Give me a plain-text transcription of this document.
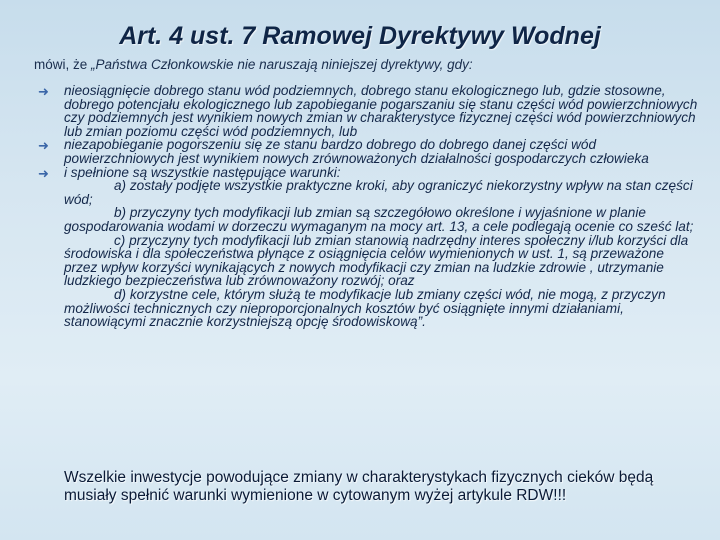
Art. 4 ust. 7 Ramowej Dyrektywy Wodnej
mówi, że „Państwa Członkowskie nie naruszają niniejszej dyrektywy, gdy:
➜ nieosiągnięcie dobrego stanu wód podziemnych, dobrego stanu ekologicznego lub, gdzie stosowne, dobrego potencjału ekologicznego lub zapobieganie pogarszaniu się stanu części wód powierzchniowych czy podziemnych jest wynikiem nowych zmian w charakterystyce fizycznej części wód powierzchniowych lub zmian poziomu części wód podziemnych, lub
➜ niezapobieganie pogorszeniu się ze stanu bardzo dobrego do dobrego danej części wód powierzchniowych jest wynikiem nowych zrównoważonych działalności gospodarczych człowieka
➜ i spełnione są wszystkie następujące warunki:
a) zostały podjęte wszystkie praktyczne kroki, aby ograniczyć niekorzystny wpływ na stan części wód;
b) przyczyny tych modyfikacji lub zmian są szczegółowo określone i wyjaśnione w planie gospodarowania wodami w dorzeczu wymaganym na mocy art. 13, a cele podlegają ocenie co sześć lat;
c) przyczyny tych modyfikacji lub zmian stanowią nadrzędny interes społeczny i/lub korzyści dla środowiska i dla społeczeństwa płynące z osiągnięcia celów wymienionych w ust. 1, są przeważone przez wpływ korzyści wynikających z nowych modyfikacji czy zmian na ludzkie zdrowie , utrzymanie ludzkiego bezpieczeństwa lub zrównoważony rozwój; oraz
d) korzystne cele, którym służą te modyfikacje lub zmiany części wód, nie mogą, z przyczyn możliwości technicznych czy nieproporcjonalnych kosztów być osiągnięte innymi działaniami, stanowiącymi znacznie korzystniejszą opcję środowiskową”.
Wszelkie inwestycje powodujące zmiany w charakterystykach fizycznych cieków będą musiały spełnić warunki wymienione w cytowanym wyżej artykule RDW!!!
